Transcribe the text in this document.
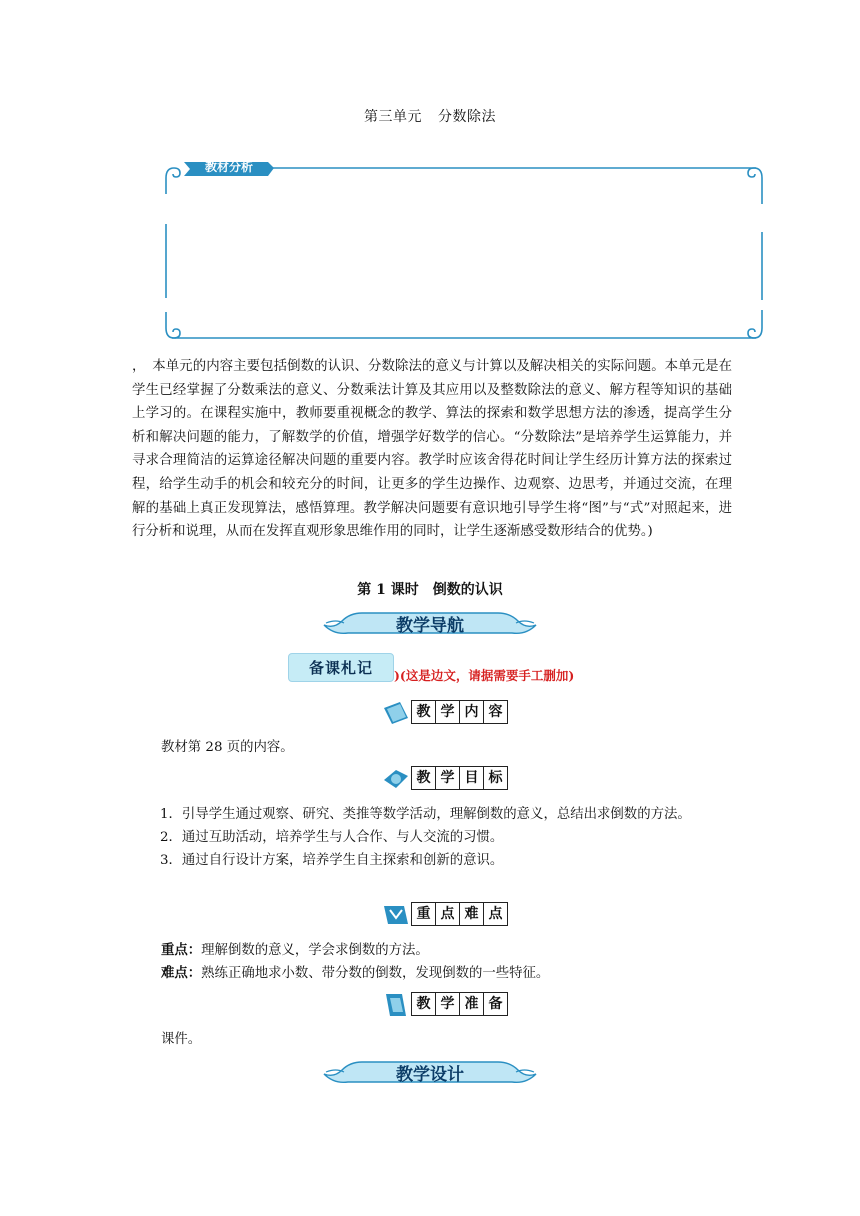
第三单元 分数除法
教材分析

，　本单元的内容主要包括倒数的认识、分数除法的意义与计算以及解决相关的实际问题。本单元是在学生已经掌握了分数乘法的意义、分数乘法计算及其应用以及整数除法的意义、解方程等知识的基础上学习的。在课程实施中，教师要重视概念的教学、算法的探索和数学思想方法的渗透，提高学生分析和解决问题的能力，了解数学的价值，增强学好数学的信心。“分数除法”是培养学生运算能力，并寻求合理简洁的运算途径解决问题的重要内容。教学时应该舍得花时间让学生经历计算方法的探索过程，给学生动手的机会和较充分的时间，让更多的学生边操作、边观察、边思考，并通过交流，在理解的基础上真正发现算法，感悟算理。教学解决问题要有意识地引导学生将“图”与“式”对照起来，进行分析和说理，从而在发挥直观形象思维作用的同时，让学生逐渐感受数形结合的优势。)

第 1 课时 倒数的认识
教学导航
备课札记	)(这是边文，请据需要手工删加)
教 学 内 容
教材第 28 页的内容。
教 学 目 标

1．引导学生通过观察、研究、类推等数学活动，理解倒数的意义，总结出求倒数的方法。

2．通过互助活动，培养学生与人合作、与人交流的习惯。

3．通过自行设计方案，培养学生自主探索和创新的意识。

重 点 难 点
重点：理解倒数的意义，学会求倒数的方法。
难点：熟练正确地求小数、带分数的倒数，发现倒数的一些特征。
教 学 准 备
课件。
教学设计
